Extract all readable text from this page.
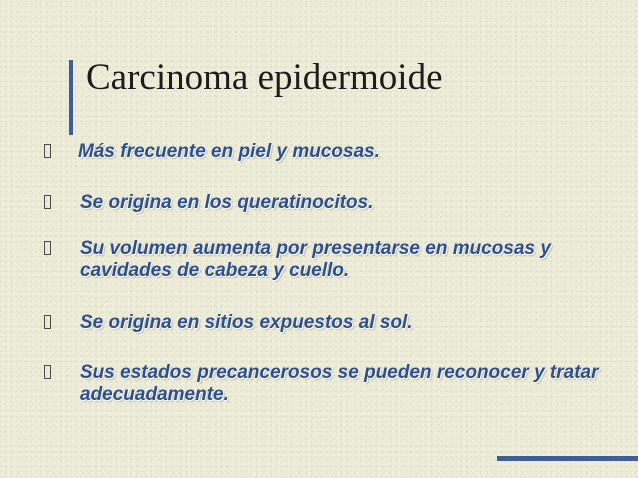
Carcinoma epidermoide
Más frecuente en piel y mucosas.
Se origina en los queratinocitos.
Su volumen aumenta por presentarse en mucosas y cavidades de cabeza y cuello.
Se origina en sitios expuestos al sol.
Sus estados precancerosos se pueden reconocer y tratar adecuadamente.
